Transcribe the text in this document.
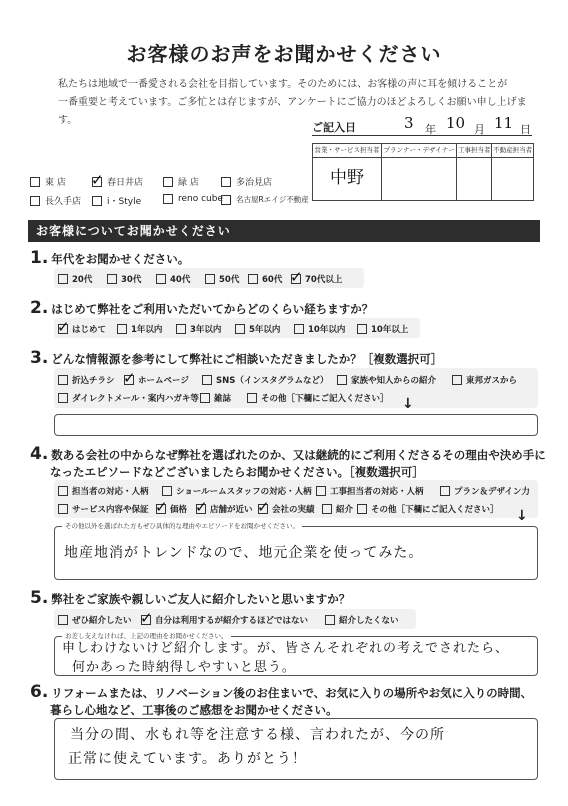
お客様のお声をお聞かせください
私たちは地域で一番愛される会社を目指しています。そのためには、お客様の声に耳を傾けることが
一番重要と考えています。ご多忙とは存じますが、アンケートにご協力のほどよろしくお願い申し上げます。
ご記入日	3 年 10 月 11 日
営業・サービス担当者	プランナー・デザイナー	工事担当者	不動産担当者
中野			
東 店 ✓ 春日井店	緑 店	多治見店
長久手店	i・Style	reno cube 名古屋Rエイジ不動産
お客様についてお聞かせください
1. 年代をお聞かせください。
20代	30代	40代	50代	60代 ✓ 70代以上
2. はじめて弊社をご利用いただいてからどのくらい経ちますか？
✓ はじめて	1年以内	3年以内	5年以内	10年以内	10年以上
3. どんな情報源を参考にして弊社にご相談いただきましたか？［複数選択可］
折込チラシ ✓ ホームページ	SNS（インスタグラムなど）	家族や知人からの紹介	東邦ガスから
ダイレクトメール・案内ハガキ等 雑誌	その他［下欄にご記入ください］ ↓
4. 数ある会社の中からなぜ弊社を選ばれたのか、又は継続的にご利用くださるその理由や決め手に
なったエピソードなどございましたらお聞かせください。［複数選択可］
担当者の対応・人柄	ショールームスタッフの対応・人柄 工事担当者の対応・人柄	プラン＆デザイン力
サービス内容や保証 ✓ 価格 ✓ 店舗が近い ✓ 会社の実績	紹介 その他［下欄にご記入ください］ ↓
その他以外を選ばれた方もぜひ具体的な理由やエピソードをお聞かせください。
地産地消がトレンドなので、地元企業を使ってみた。
5. 弊社をご家族や親しいご友人に紹介したいと思いますか？
ぜひ紹介したい ✓ 自分は利用するが紹介するほどではない	紹介したくない
お差し支えなければ、上記の理由をお聞かせください。
申しわけないけど紹介します。が、皆さんそれぞれの考えでされたら、
何かあった時納得しやすいと思う。
6. リフォームまたは、リノベーション後のお住まいで、お気に入りの場所やお気に入りの時間、
暮らし心地など、工事後のご感想をお聞かせください。
当分の間、水もれ等を注意する様、言われたが、今の所
正常に使えています。ありがとう！
